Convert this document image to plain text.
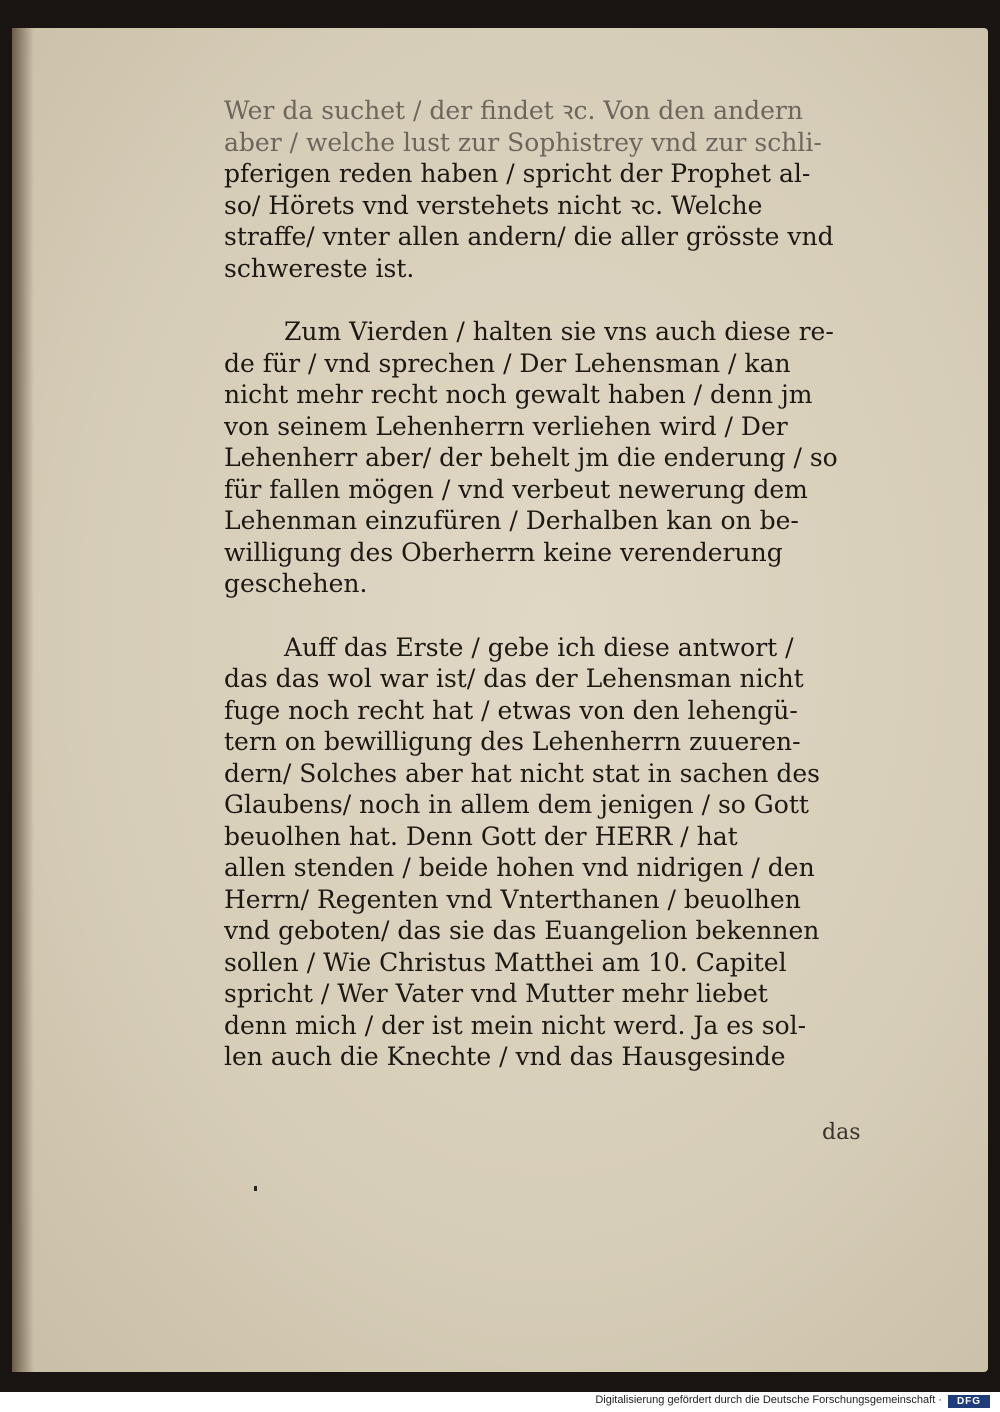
Wer da suchet / der findet ꝛc. Von den andern
aber / welche lust zur Sophistrey vnd zur schli-
pferigen reden haben / spricht der Prophet al-
so/ Hörets vnd verstehets nicht ꝛc. Welche
straffe/ vnter allen andern/ die aller grösste vnd
schwereste ist.
Zum Vierden / halten sie vns auch diese re-
de für / vnd sprechen / Der Lehensman / kan
nicht mehr recht noch gewalt haben / denn jm
von seinem Lehenherrn verliehen wird / Der
Lehenherr aber/ der behelt jm die enderung / so
für fallen mögen / vnd verbeut newerung dem
Lehenman einzufüren / Derhalben kan on be-
willigung des Oberherrn keine verenderung
geschehen.
Auff das Erste / gebe ich diese antwort /
das das wol war ist/ das der Lehensman nicht
fuge noch recht hat / etwas von den lehengü-
tern on bewilligung des Lehenherrn zuueren-
dern/ Solches aber hat nicht stat in sachen des
Glaubens/ noch in allem dem jenigen / so Gott
beuolhen hat. Denn Gott der HERR / hat
allen stenden / beide hohen vnd nidrigen / den
Herrn/ Regenten vnd Vnterthanen / beuolhen
vnd geboten/ das sie das Euangelion bekennen
sollen / Wie Christus Matthei am 10. Capitel
spricht / Wer Vater vnd Mutter mehr liebet
denn mich / der ist mein nicht werd. Ja es sol-
len auch die Knechte / vnd das Hausgesinde
das
Digitalisierung gefördert durch die Deutsche Forschungsgemeinschaft ·	DFG
